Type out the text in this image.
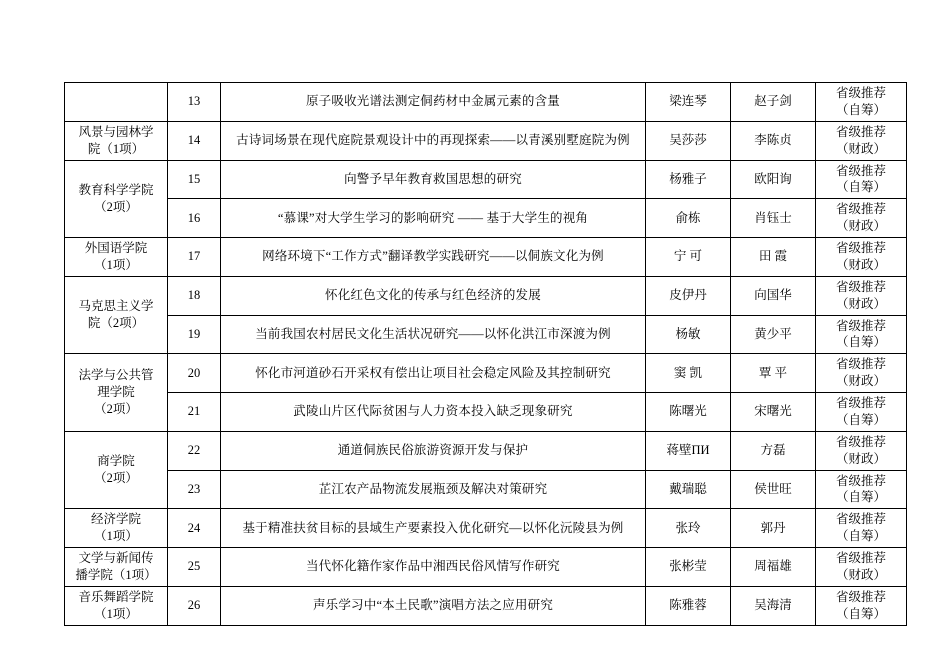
	13	原子吸收光谱法测定侗药材中金属元素的含量	梁连琴	赵子剑	省级推荐
（自筹）

风景与园林学
院（1项）	14	古诗词场景在现代庭院景观设计中的再现探索——以青溪别墅庭院为例	吴莎莎	李陈贞	省级推荐
（财政）

教育科学学院
（2项）	15	向警予早年教育救国思想的研究	杨雅子	欧阳询	省级推荐
（自筹）

	16	“慕课”对大学生学习的影响研究 —— 基于大学生的视角	俞栋	肖钰士	省级推荐
（财政）

外国语学院
（1项）	17	网络环境下“工作方式”翻译教学实践研究——以侗族文化为例	宁 可	田 霞	省级推荐
（财政）

马克思主义学
院（2项）	18	怀化红色文化的传承与红色经济的发展	皮伊丹	向国华	省级推荐
（财政）

	19	当前我国农村居民文化生活状况研究——以怀化洪江市深渡为例	杨敏	黄少平	省级推荐
（自筹）

法学与公共管
理学院
（2项）	20	怀化市河道砂石开采权有偿出让项目社会稳定风险及其控制研究	窦 凯	覃 平	省级推荐
（财政）

	21	武陵山片区代际贫困与人力资本投入缺乏现象研究	陈曙光	宋曙光	省级推荐
（自筹）

商学院
（2项）	22	通道侗族民俗旅游资源开发与保护	蒋壁ПИ	方磊	省级推荐
（财政）

	23	芷江农产品物流发展瓶颈及解决对策研究	戴瑞聪	侯世旺	省级推荐
（自筹）

经济学院
（1项）	24	基于精准扶贫目标的县域生产要素投入优化研究—以怀化沅陵县为例	张玲	郭丹	省级推荐
（自筹）

文学与新闻传
播学院（1项）	25	当代怀化籍作家作品中湘西民俗风情写作研究	张彬莹	周福雄	省级推荐
（财政）

音乐舞蹈学院
（1项）	26	声乐学习中“本土民歌”演唱方法之应用研究	陈雅蓉	吴海清	省级推荐
（自筹）
